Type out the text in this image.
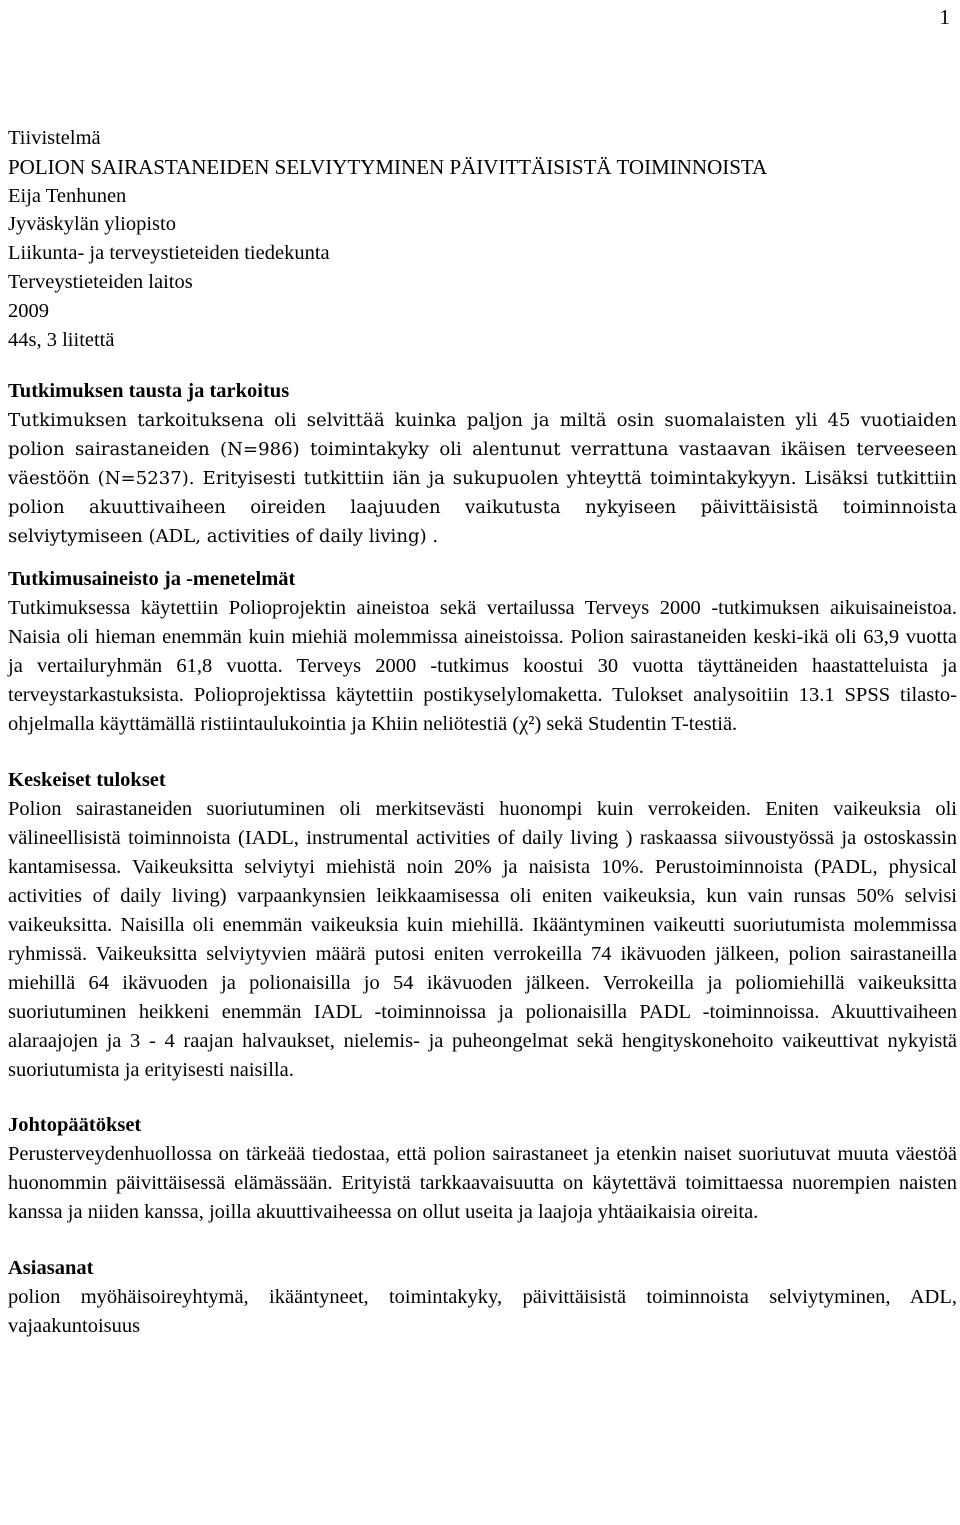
1
Tiivistelmä
POLION SAIRASTANEIDEN SELVIYTYMINEN PÄIVITTÄISISTÄ TOIMINNOISTA
Eija Tenhunen
Jyväskylän yliopisto
Liikunta- ja terveystieteiden tiedekunta
Terveystieteiden laitos
2009
44s, 3 liitettä
Tutkimuksen tausta ja tarkoitus

Tutkimuksen tarkoituksena oli selvittää kuinka paljon ja miltä osin suomalaisten yli 45 vuotiaiden polion sairastaneiden (N=986) toimintakyky oli alentunut verrattuna vastaavan ikäisen terveeseen väestöön (N=5237). Erityisesti tutkittiin iän ja sukupuolen yhteyttä toimintakykyyn. Lisäksi tutkittiin polion akuuttivaiheen oireiden laajuuden vaikutusta nykyiseen päivittäisistä toiminnoista selviytymiseen (ADL, activities of daily living) .

Tutkimusaineisto ja -menetelmät

Tutkimuksessa käytettiin Polioprojektin aineistoa sekä vertailussa Terveys 2000 -tutkimuksen aikuisaineistoa. Naisia oli hieman enemmän kuin miehiä molemmissa aineistoissa. Polion sairastaneiden keski-ikä oli 63,9 vuotta ja vertailuryhmän 61,8 vuotta. Terveys 2000 -tutkimus koostui 30 vuotta täyttäneiden haastatteluista ja terveystarkastuksista. Polioprojektissa käytettiin postikyselylomaketta. Tulokset analysoitiin 13.1 SPSS tilasto-ohjelmalla käyttämällä ristiintaulukointia ja Khiin neliötestiä (χ²) sekä Studentin T-testiä.

Keskeiset tulokset

Polion sairastaneiden suoriutuminen oli merkitsevästi huonompi kuin verrokeiden. Eniten vaikeuksia oli välineellisistä toiminnoista (IADL, instrumental activities of daily living ) raskaassa siivoustyössä ja ostoskassin kantamisessa. Vaikeuksitta selviytyi miehistä noin 20% ja naisista 10%. Perustoiminnoista (PADL, physical activities of daily living) varpaankynsien leikkaamisessa oli eniten vaikeuksia, kun vain runsas 50% selvisi vaikeuksitta. Naisilla oli enemmän vaikeuksia kuin miehillä. Ikääntyminen vaikeutti suoriutumista molemmissa ryhmissä. Vaikeuksitta selviytyvien määrä putosi eniten verrokeilla 74 ikävuoden jälkeen, polion sairastaneilla miehillä 64 ikävuoden ja polionaisilla jo 54 ikävuoden jälkeen. Verrokeilla ja poliomiehillä vaikeuksitta suoriutuminen heikkeni enemmän IADL -toiminnoissa ja polionaisilla PADL -toiminnoissa. Akuuttivaiheen alaraajojen ja 3 - 4 raajan halvaukset, nielemis- ja puheongelmat sekä hengityskonehoito vaikeuttivat nykyistä suoriutumista ja erityisesti naisilla.

Johtopäätökset

Perusterveydenhuollossa on tärkeää tiedostaa, että polion sairastaneet ja etenkin naiset suoriutuvat muuta väestöä huonommin päivittäisessä elämässään. Erityistä tarkkaavaisuutta on käytettävä toimittaessa nuorempien naisten kanssa ja niiden kanssa, joilla akuuttivaiheessa on ollut useita ja laajoja yhtäaikaisia oireita.

Asiasanat

polion myöhäisoireyhtymä, ikääntyneet, toimintakyky, päivittäisistä toiminnoista selviytyminen, ADL, vajaakuntoisuus
